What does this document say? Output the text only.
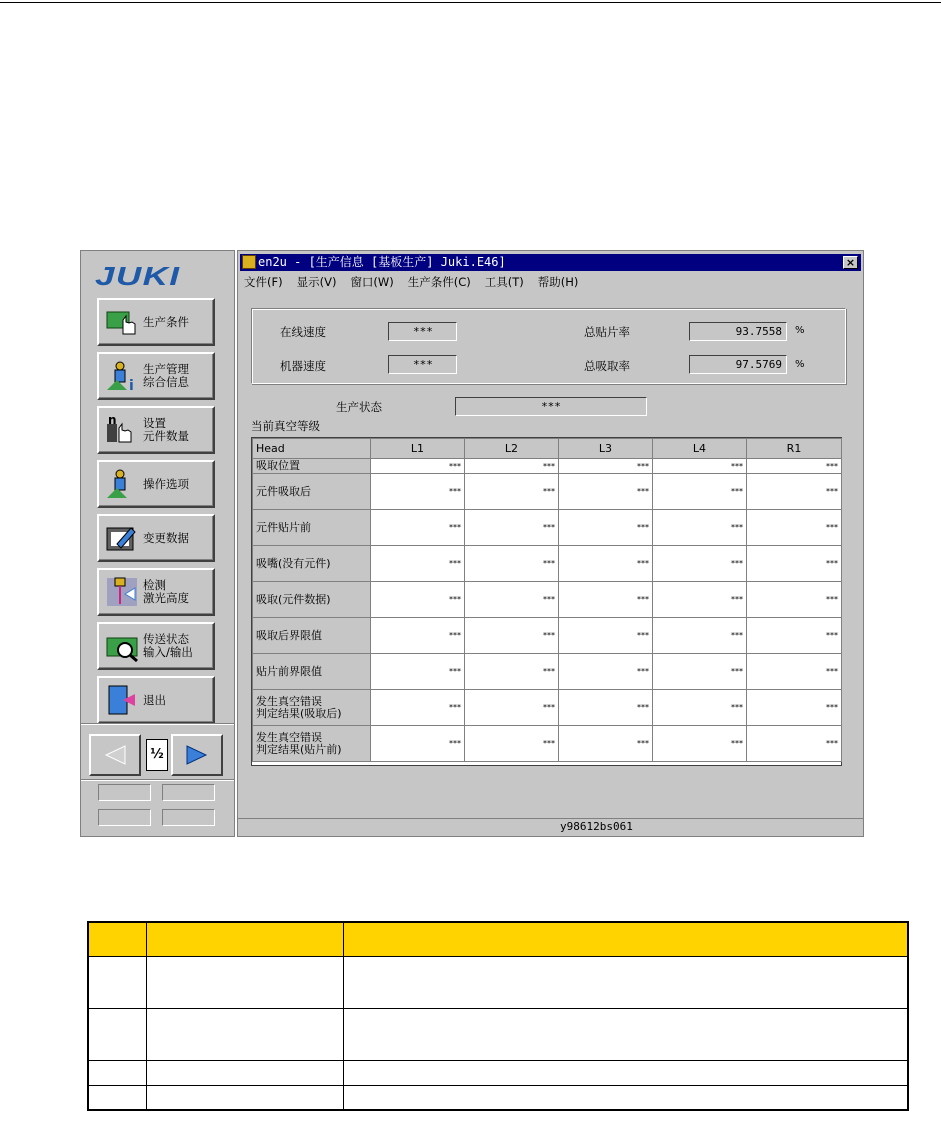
JUKI
生产条件
i
生产管理
综合信息
n 设置
元件数量
操作选项
变更数据
检测
激光高度
传送状态
输入/输出
退出
½
en2u - [生产信息 [基板生产] Juki.E46]	×
文件(F) 显示(V) 窗口(W) 生产条件(C) 工具(T) 帮助(H)
在线速度	***
机器速度	***
总贴片率	93.7558	%
总吸取率	97.5769	%
生产状态	***
当前真空等级
Head	L1	L2	L3	L4	R1
吸取位置	***	***	***	***	***
元件吸取后	***	***	***	***	***
元件贴片前	***	***	***	***	***
吸嘴(没有元件)	***	***	***	***	***
吸取(元件数据)	***	***	***	***	***
吸取后界限值	***	***	***	***	***
贴片前界限值	***	***	***	***	***
发生真空错误
判定结果(吸取后)	***	***	***	***	***
发生真空错误
判定结果(贴片前)	***	***	***	***	***
y98612bs061
